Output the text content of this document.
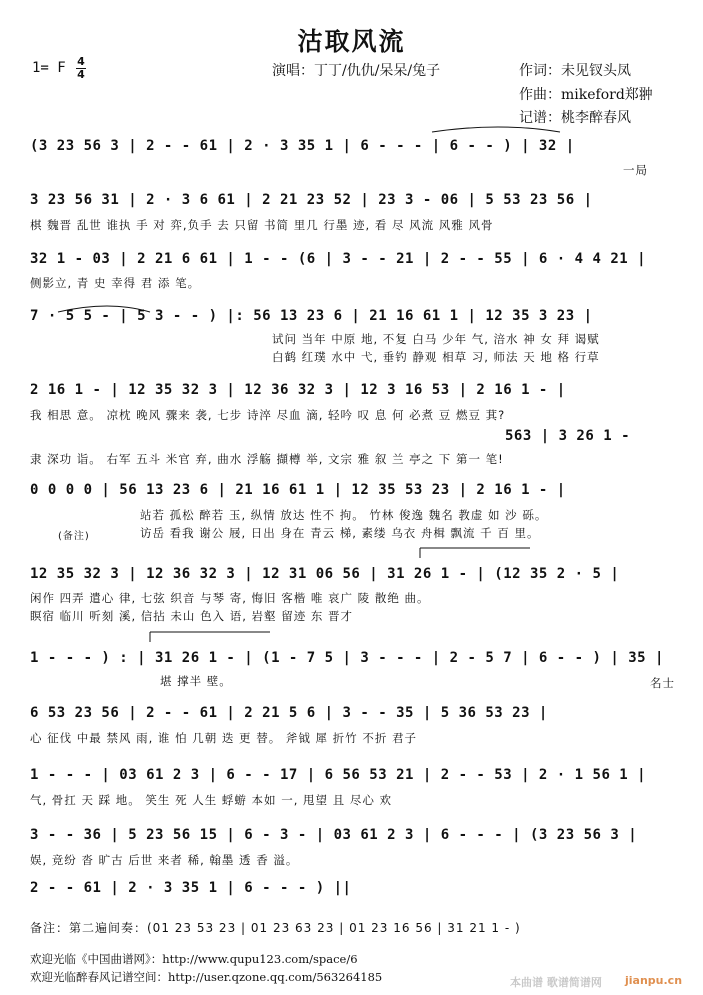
沽取风流
1= F 4
4	演唱：丁丁/仇仇/呆呆/兔子	作词：未见钗头凤
作曲：mikeford郑翀
记谱：桃李醉春风
(3 23 56 3 | 2 - - 61 | 2 · 3 35 1 | 6 - - - | 6 - - ) | 32 |
一局
3 23 56 31 | 2 · 3 6 61 | 2 21 23 52 | 23 3 - 06 | 5 53 23 56 |
棋 魏晋 乱世 谁执 手 对 弈,负手 去 只留 书简 里几 行墨 迹, 看 尽 风流 风雅 风骨
32 1 - 03 | 2 21 6 61 | 1 - - (6 | 3 - - 21 | 2 - - 55 | 6 · 4 4 21 |
侧影立, 青 史 幸得 君 添 笔。
7 · 5 5 - | 5 3 - - ) |: 56 13 23 6 | 21 16 61 1 | 12 35 3 23 |
试问 当年 中原 地, 不复 白马 少年 气, 涪水 神 女 拜 谒赋
白鹤 红璞 水中 弋, 垂钓 静观 相草 习, 师法 天 地 格 行草
2 16 1 - | 12 35 32 3 | 12 36 32 3 | 12 3 16 53 | 2 16 1 - |
我 相思 意。 凉枕 晚风 骤来 袭, 七步 诗淬 尽血 滴, 轻吟 叹 息 何 必煮 豆 燃豆 萁?
563 | 3 26 1 -
隶 深功 诣。 右军 五斗 米官 弃, 曲水 浮觞 擷樽 举, 文宗 雅 叙 兰 亭之 下 第一 笔!
0 0 0 0 | 56 13 23 6 | 21 16 61 1 | 12 35 53 23 | 2 16 1 - |
站若 孤松 醉若 玉, 纵情 放达 性不 拘。 竹林 俊逸 魏名 教虚 如 沙 砾。
(备注)	访岳 看我 谢公 屐, 日出 身在 青云 梯, 素缕 乌衣 舟楫 飘流 千 百 里。
12 35 32 3 | 12 36 32 3 | 12 31 06 56 | 31 26 1 - | (12 35 2 · 5 |
闲作 四弄 遣心 律, 七弦 织音 与琴 寄, 悔旧 客楷 唯 哀广 陵 散绝 曲。
瞑宿 临川 听刻 溪, 信拈 未山 色入 语, 岩壑 留迹 东 晋才
1 - - - ) : | 31 26 1 - | (1 - 7 5 | 3 - - - | 2 - 5 7 | 6 - - ) | 35 |
堪 撑半 壁。	名士
6 53 23 56 | 2 - - 61 | 2 21 5 6 | 3 - - 35 | 5 36 53 23 |
心 征伐 中最 禁风 雨, 谁 怕 几朝 迭 更 替。 斧钺 犀 折竹 不折 君子
1 - - - | 03 61 2 3 | 6 - - 17 | 6 56 53 21 | 2 - - 53 | 2 · 1 56 1 |
气, 骨扛 天 踩 地。 笑生 死 人生 蜉蝣 本如 一, 甩望 且 尽心 欢
3 - - 36 | 5 23 56 15 | 6 - 3 - | 03 61 2 3 | 6 - - - | (3 23 56 3 |
娱, 竞纷 沓 旷古 后世 来者 稀, 翰墨 透 香 溢。
2 - - 61 | 2 · 3 35 1 | 6 - - - ) ||
备注：第二遍间奏：(01 23 53 23 | 01 23 63 23 | 01 23 16 56 | 31 21 1 - )
欢迎光临《中国曲谱网》：http://www.qupu123.com/space/6
欢迎光临醉春风记谱空间：http://user.qzone.qq.com/563264185	本曲谱 歌谱简谱网 jianpu.cn
